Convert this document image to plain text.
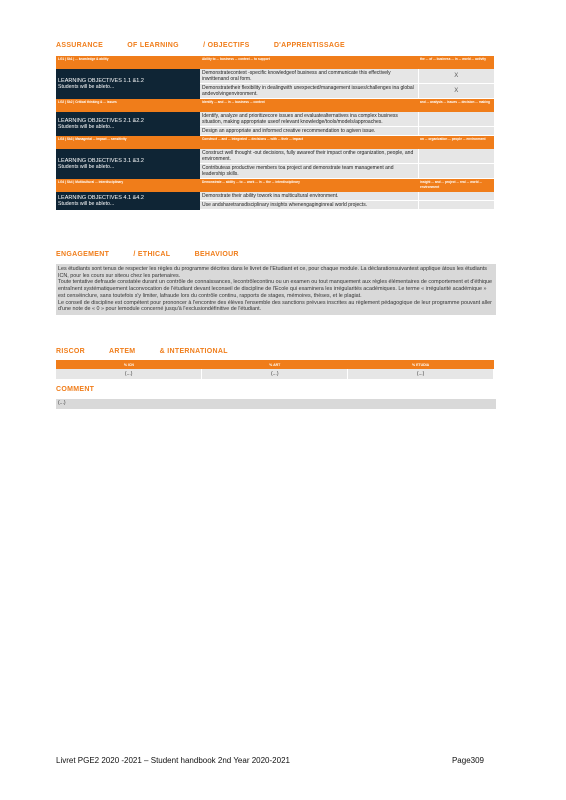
ASSURANCE	OF LEARNING	/ OBJECTIFS	D'APPRENTISSAGE
LG1 | Sk1 | ... knowledge & ability	Ability to ... business ... context ... to support	the ... of ... business ... in ... world ... activity

LEARNING OBJECTIVES 1.1 &1.2
Students will be ableto...	Demonstratecontext -specific knowledgeof business and communicate this effectively inwrittenand oral form.	X
	Demonstratetheir flexibility in dealingwith unexpected/management issues/challenges ina global andevolvingenvironment.	X
LG2 | Sk2 | Critical thinking & ... issues	Identify ... and ... in ... business ... context	and ... analysis ... issues ... decision ... making

LEARNING OBJECTIVES 2.1 &2.2
Students will be ableto...	Identify, analyze and prioritizecore issues and evaluatealternatives ina complex business situation, making appropriate useof relevant knowledge/tools/models/approaches.	
	Design an appropriate and informed creative recommendation to agiven issue.	
LG3 | Sk3 | Managerial ... impact ... sensitivity	Construct ... and ... integrated ... decisions ... with ... their ... impact	on ... organization ... people ... environment

LEARNING OBJECTIVES 3.1 &3.2
Students will be ableto...	Construct well thought -out decisions, fully awareof their impact onthe organization, people, and environment.	
	Contributeas productive members toa project and demonstrate team management and leadership skills.	
LG4 | Sk4 | Multicultural ... interdisciplinary	Demonstrate ... ability ... to ... work ... in ... the ... interdisciplinary	insight ... and ... project ... real ... world ... environment

LEARNING OBJECTIVES 4.1 &4.2
Students will be ableto...	Demonstrate their ability towork ina multicultural environment.	
	Use andsharetransdisciplinary insights whenengaginginreal world projects.	
ENGAGEMENT	/ ETHICAL	BEHAVIOUR

Les étudiants sont tenus de respecter les règles du programme décrites dans le livret de l'Etudiant et ce, pour chaque module. La déclarationsuivantest applique àtous les étudiants ICN, pour les cours sur siteou chez les partenaires.

Toute tentative defraude constatée durant un contrôle de connaissances, lecontrôlecontinu ou un examen ou tout manquement aux règles élémentaires de comportement et d'éthique entraînent systématiquement laconvocation de l'étudiant devant leconseil de discipline de l'Ecole qui examinera les irrégularités académiques. Le terme « irrégularité académique » est censéinclure, sans toutefois s'y limiter, lafraude lors du contrôle continu, rapports de stages, mémoires, thèses, et le plagiat.

Le conseil de discipline est compétent pour prononcer à l'encontre des élèves l'ensemble des sanctions prévues inscrites au règlement pédagogique de leur programme pouvant aller d'une note de « 0 » pour lemodule concerné jusqu'à l'exclusiondéfinitive de l'étudiant.

RISCOR	ARTEM	& INTERNATIONAL
% ICN	% ART	% ETUDIA
(...)	(...)	(...)
COMMENT
(...)
Livret PGE2 2020 -2021 – Student handbook 2nd Year 2020-2021	Page309
